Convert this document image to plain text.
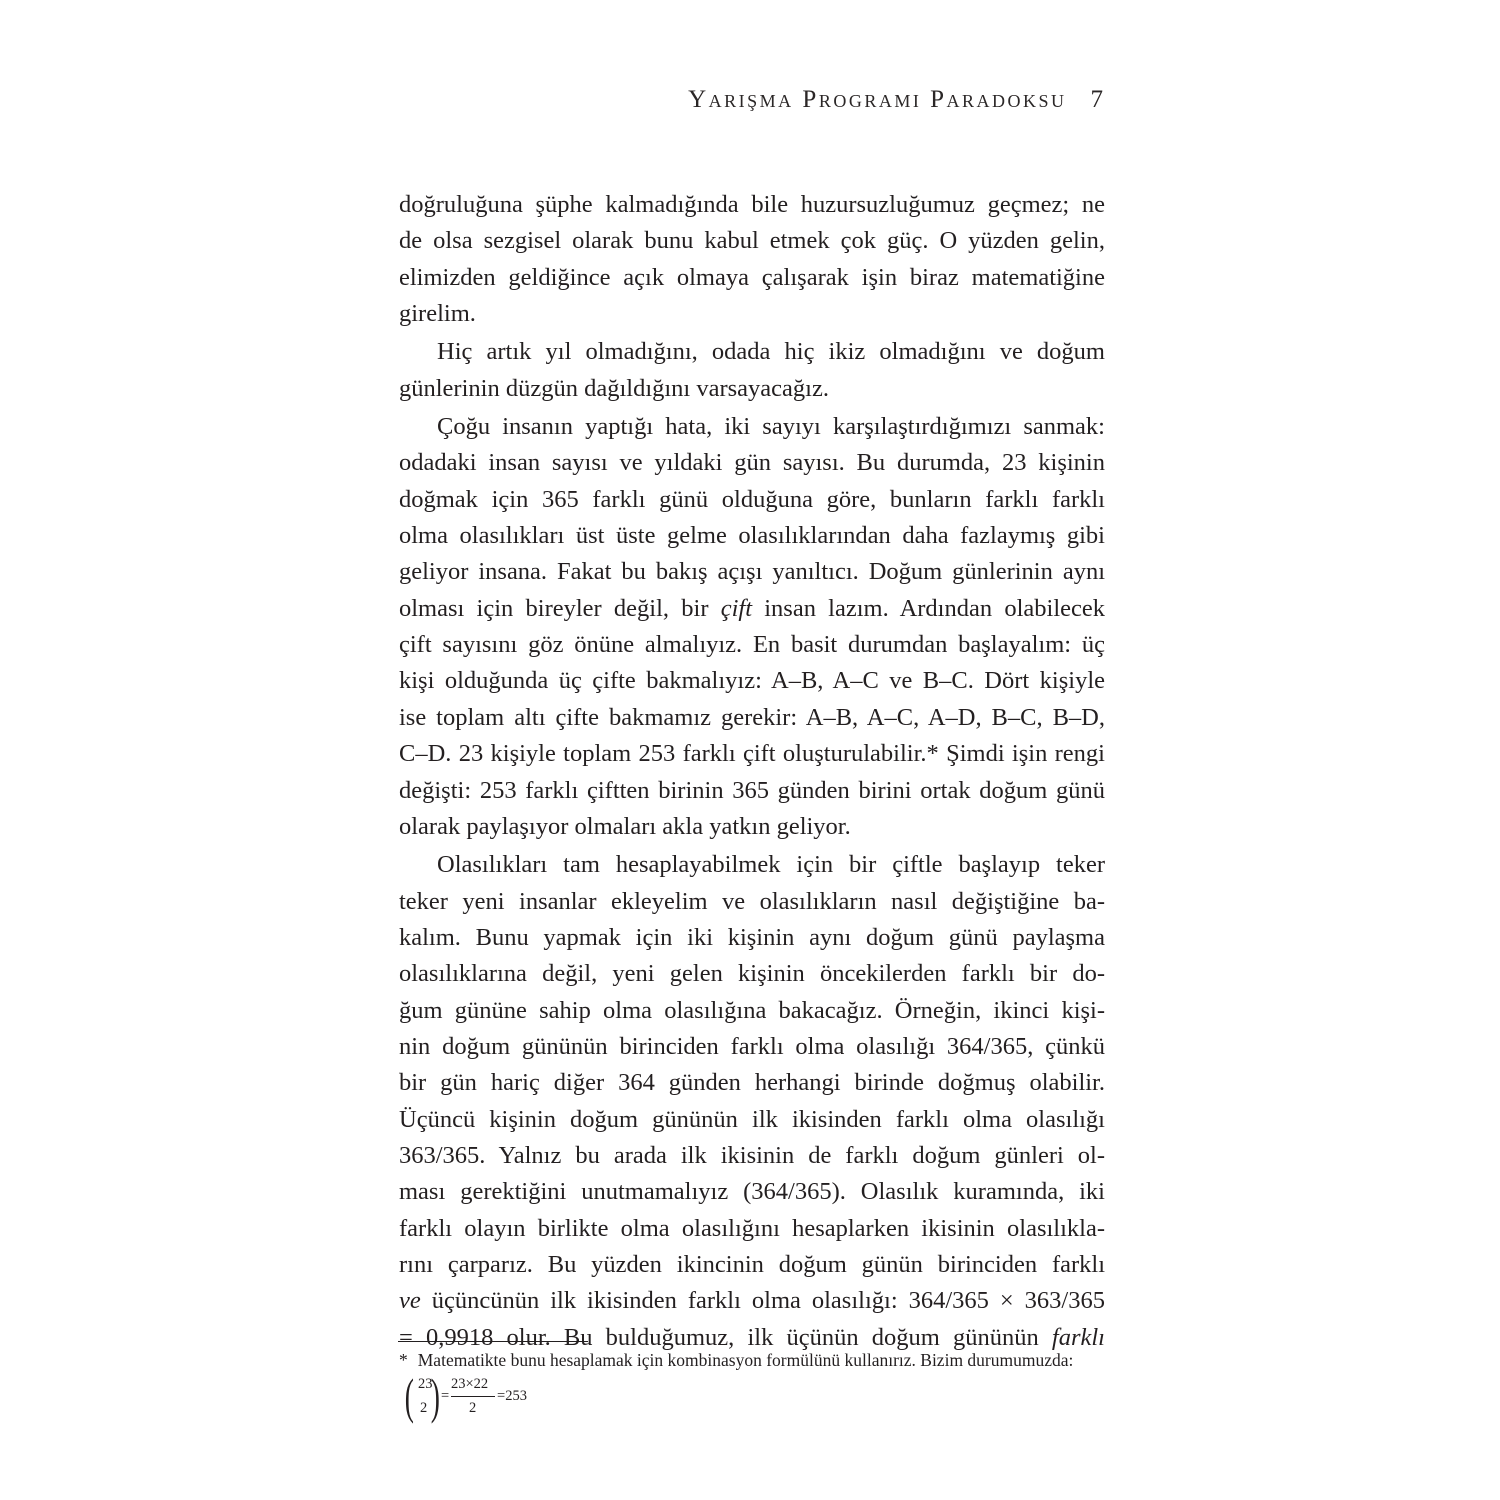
Yarışma Programı Paradoksu 7
doğruluğuna şüphe kalmadığında bile huzursuzluğumuz geçmez; ne
de olsa sezgisel olarak bunu kabul etmek çok güç. O yüzden gelin,
elimizden geldiğince açık olmaya çalışarak işin biraz matematiğine
girelim.
Hiç artık yıl olmadığını, odada hiç ikiz olmadığını ve doğum
günlerinin düzgün dağıldığını varsayacağız.
Çoğu insanın yaptığı hata, iki sayıyı karşılaştırdığımızı sanmak:
odadaki insan sayısı ve yıldaki gün sayısı. Bu durumda, 23 kişinin
doğmak için 365 farklı günü olduğuna göre, bunların farklı farklı
olma olasılıkları üst üste gelme olasılıklarından daha fazlaymış gibi
geliyor insana. Fakat bu bakış açışı yanıltıcı. Doğum günlerinin aynı
olması için bireyler değil, bir çift insan lazım. Ardından olabilecek
çift sayısını göz önüne almalıyız. En basit durumdan başlayalım: üç
kişi olduğunda üç çifte bakmalıyız: A–B, A–C ve B–C. Dört kişiyle
ise toplam altı çifte bakmamız gerekir: A–B, A–C, A–D, B–C, B–D,
C–D. 23 kişiyle toplam 253 farklı çift oluşturulabilir.* Şimdi işin rengi
değişti: 253 farklı çiftten birinin 365 günden birini ortak doğum günü
olarak paylaşıyor olmaları akla yatkın geliyor.
Olasılıkları tam hesaplayabilmek için bir çiftle başlayıp teker
teker yeni insanlar ekleyelim ve olasılıkların nasıl değiştiğine ba-
kalım. Bunu yapmak için iki kişinin aynı doğum günü paylaşma
olasılıklarına değil, yeni gelen kişinin öncekilerden farklı bir do-
ğum gününe sahip olma olasılığına bakacağız. Örneğin, ikinci kişi-
nin doğum gününün birinciden farklı olma olasılığı 364/365, çünkü
bir gün hariç diğer 364 günden herhangi birinde doğmuş olabilir.
Üçüncü kişinin doğum gününün ilk ikisinden farklı olma olasılığı
363/365. Yalnız bu arada ilk ikisinin de farklı doğum günleri ol-
ması gerektiğini unutmamalıyız (364/365). Olasılık kuramında, iki
farklı olayın birlikte olma olasılığını hesaplarken ikisinin olasılıkla-
rını çarparız. Bu yüzden ikincinin doğum günün birinciden farklı
ve üçüncünün ilk ikisinden farklı olma olasılığı: 364/365 × 363/365
= 0,9918 olur. Bu bulduğumuz, ilk üçünün doğum gününün farklı
* Matematikte bunu hesaplamak için kombinasyon formülünü kullanırız. Bizim durumumuzda:
( 23
2 ) =
23×22
2
=253
